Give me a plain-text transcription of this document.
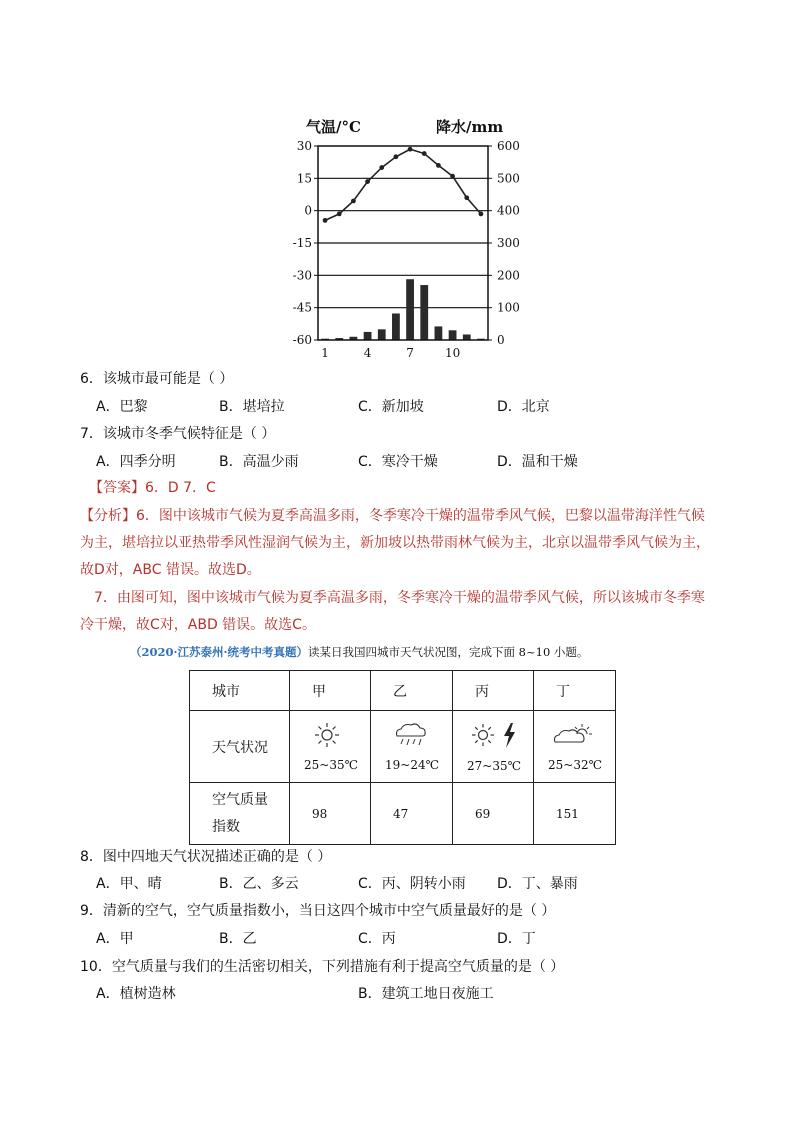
气温/°C	降水/mm
30	600
15	500
0	400
-15	300
-30	200
-45	100
-60	0
1	4	7	10
6．该城市最可能是（ ）
A．巴黎	B．堪培拉	C．新加坡	D．北京
7．该城市冬季气候特征是（ ）
A．四季分明	B．高温少雨	C．寒冷干燥	D．温和干燥
【答案】6．D 7．C
【分析】6．图中该城市气候为夏季高温多雨，冬季寒冷干燥的温带季风气候，巴黎以温带海洋性气候为主，堪培拉以亚热带季风性湿润气候为主，新加坡以热带雨林气候为主，北京以温带季风气候为主，故D对，ABC 错误。故选D。
7．由图可知，图中该城市气候为夏季高温多雨，冬季寒冷干燥的温带季风气候，所以该城市冬季寒冷干燥，故C对，ABD 错误。故选C。
（2020·江苏泰州·统考中考真题）读某日我国四城市天气状况图，完成下面 8~10 小题。
城市	甲	乙	丙	丁
天气状况	25~35℃	19~24℃	27~35℃	25~32℃

空气质量
指数	98	47	69	151
8．图中四地天气状况描述正确的是（ ）
A．甲、晴	B．乙、多云	C．丙、阴转小雨 D．丁、暴雨
9．清新的空气，空气质量指数小，当日这四个城市中空气质量最好的是（ ）
A．甲	B．乙	C．丙	D．丁
10．空气质量与我们的生活密切相关，下列措施有利于提高空气质量的是（ ）
A．植树造林	B．建筑工地日夜施工
